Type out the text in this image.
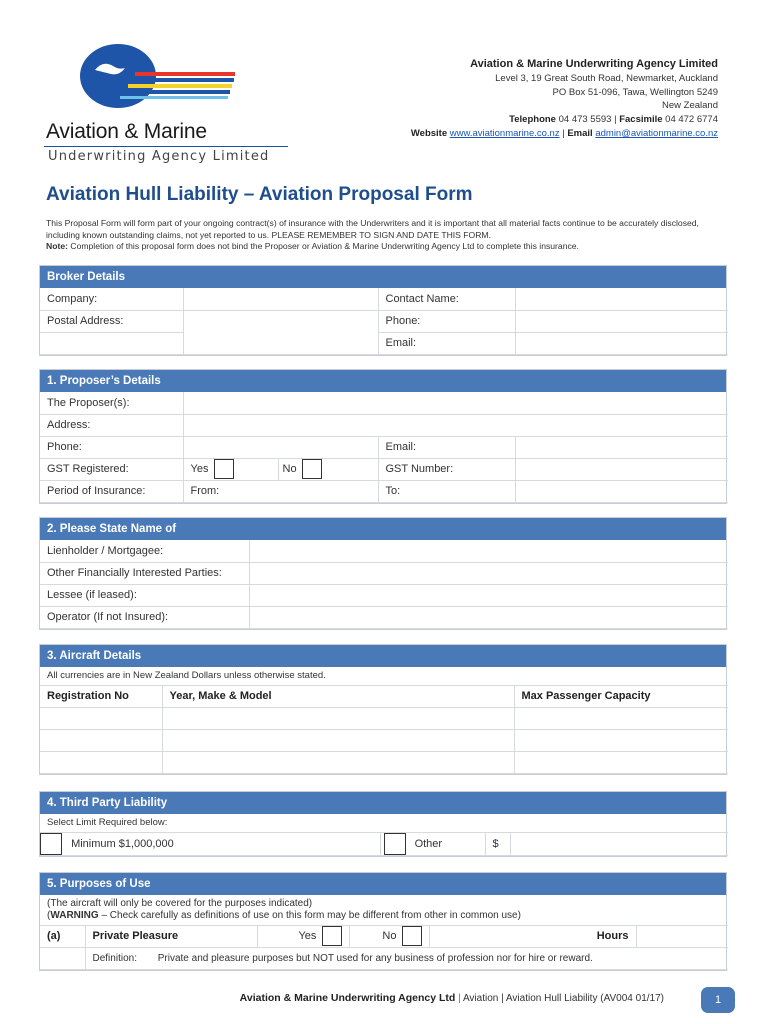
Aviation & Marine
Underwriting Agency Limited
Aviation & Marine Underwriting Agency Limited
Level 3, 19 Great South Road, Newmarket, Auckland
PO Box 51-096, Tawa, Wellington 5249
New Zealand
Telephone 04 473 5593 | Facsimile 04 472 6774
Website www.aviationmarine.co.nz | Email admin@aviationmarine.co.nz
Aviation Hull Liability – Aviation Proposal Form
This Proposal Form will form part of your ongoing contract(s) of insurance with the Underwriters and it is important that all material facts continue to be accurately disclosed, including known outstanding claims, not yet reported to us. PLEASE REMEMBER TO SIGN AND DATE THIS FORM.
Note: Completion of this proposal form does not bind the Proposer or Aviation & Marine Underwriting Agency Ltd to complete this insurance.
Broker Details
Company:		Contact Name:	
Postal Address:		Phone:	
		Email:	
1. Proposer’s Details
The Proposer(s):				
Address:				
Phone:			Email:	
GST Registered:	Yes	No	GST Number:	
Period of Insurance:	From:		To:	
2. Please State Name of
Lienholder / Mortgagee:	
Other Financially Interested Parties:	
Lessee (if leased):	
Operator (If not Insured):	
3. Aircraft Details
All currencies are in New Zealand Dollars unless otherwise stated.		
Registration No	Year, Make & Model	Max Passenger Capacity

4. Third Party Liability
Select Limit Required below:
Minimum $1,000,000	Other	$	
5. Purposes of Use
(The aircraft will only be covered for the purposes indicated)
(WARNING – Check carefully as definitions of use on this form may be different from other in common use)					

(a)	Private Pleasure	Yes	No	Hours	
	Definition: Private and pleasure purposes but NOT used for any business of profession nor for hire or reward.				
Aviation & Marine Underwriting Agency Ltd | Aviation | Aviation Hull Liability (AV004 01/17)	1
